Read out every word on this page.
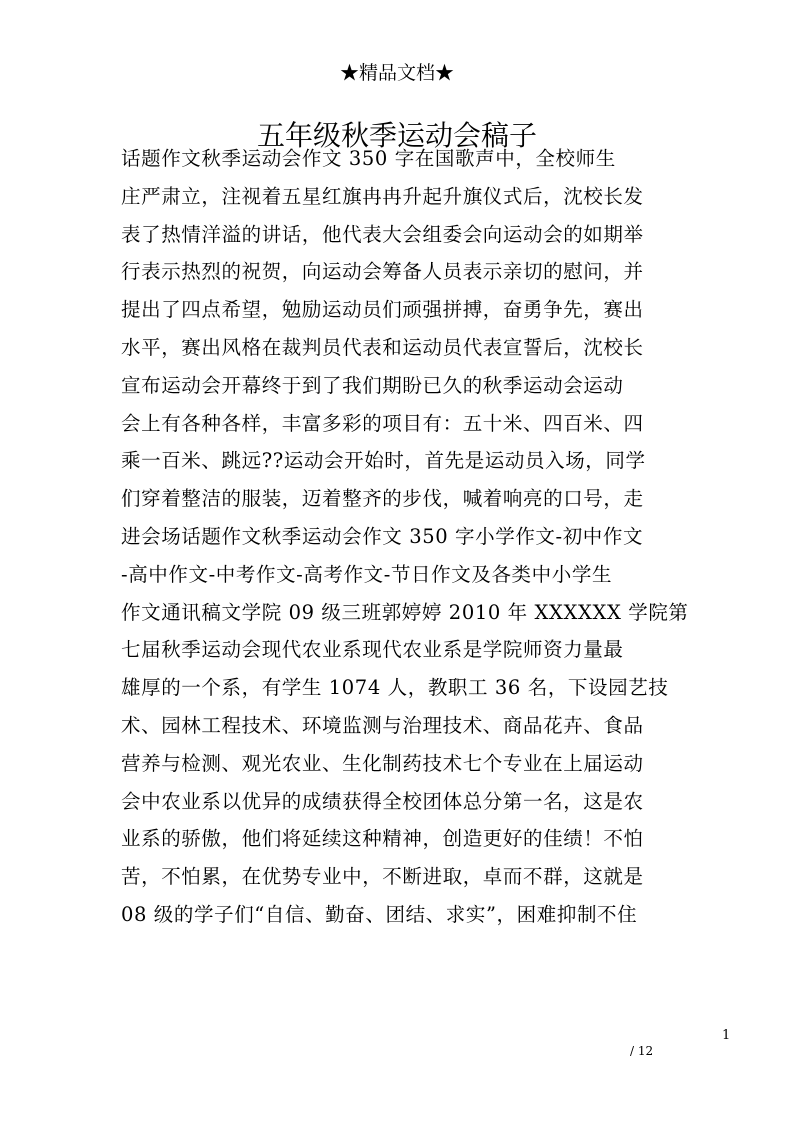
★精品文档★
五年级秋季运动会稿子
话题作文秋季运动会作文 350 字在国歌声中，全校师生
庄严肃立，注视着五星红旗冉冉升起升旗仪式后，沈校长发
表了热情洋溢的讲话，他代表大会组委会向运动会的如期举
行表示热烈的祝贺，向运动会筹备人员表示亲切的慰问，并
提出了四点希望，勉励运动员们顽强拼搏，奋勇争先，赛出
水平，赛出风格在裁判员代表和运动员代表宣誓后，沈校长
宣布运动会开幕终于到了我们期盼已久的秋季运动会运动
会上有各种各样，丰富多彩的项目有：五十米、四百米、四
乘一百米、跳远??运动会开始时，首先是运动员入场，同学
们穿着整洁的服装，迈着整齐的步伐，喊着响亮的口号，走
进会场话题作文秋季运动会作文 350 字小学作文-初中作文
-高中作文-中考作文-高考作文-节日作文及各类中小学生
作文通讯稿文学院 09 级三班郭婷婷 2010 年 XXXXXX 学院第
七届秋季运动会现代农业系现代农业系是学院师资力量最
雄厚的一个系，有学生 1074 人，教职工 36 名，下设园艺技
术、园林工程技术、环境监测与治理技术、商品花卉、食品
营养与检测、观光农业、生化制药技术七个专业在上届运动
会中农业系以优异的成绩获得全校团体总分第一名，这是农
业系的骄傲，他们将延续这种精神，创造更好的佳绩！不怕
苦，不怕累，在优势专业中，不断进取，卓而不群，这就是
08 级的学子们“自信、勤奋、团结、求实”，困难抑制不住
1
/ 12
